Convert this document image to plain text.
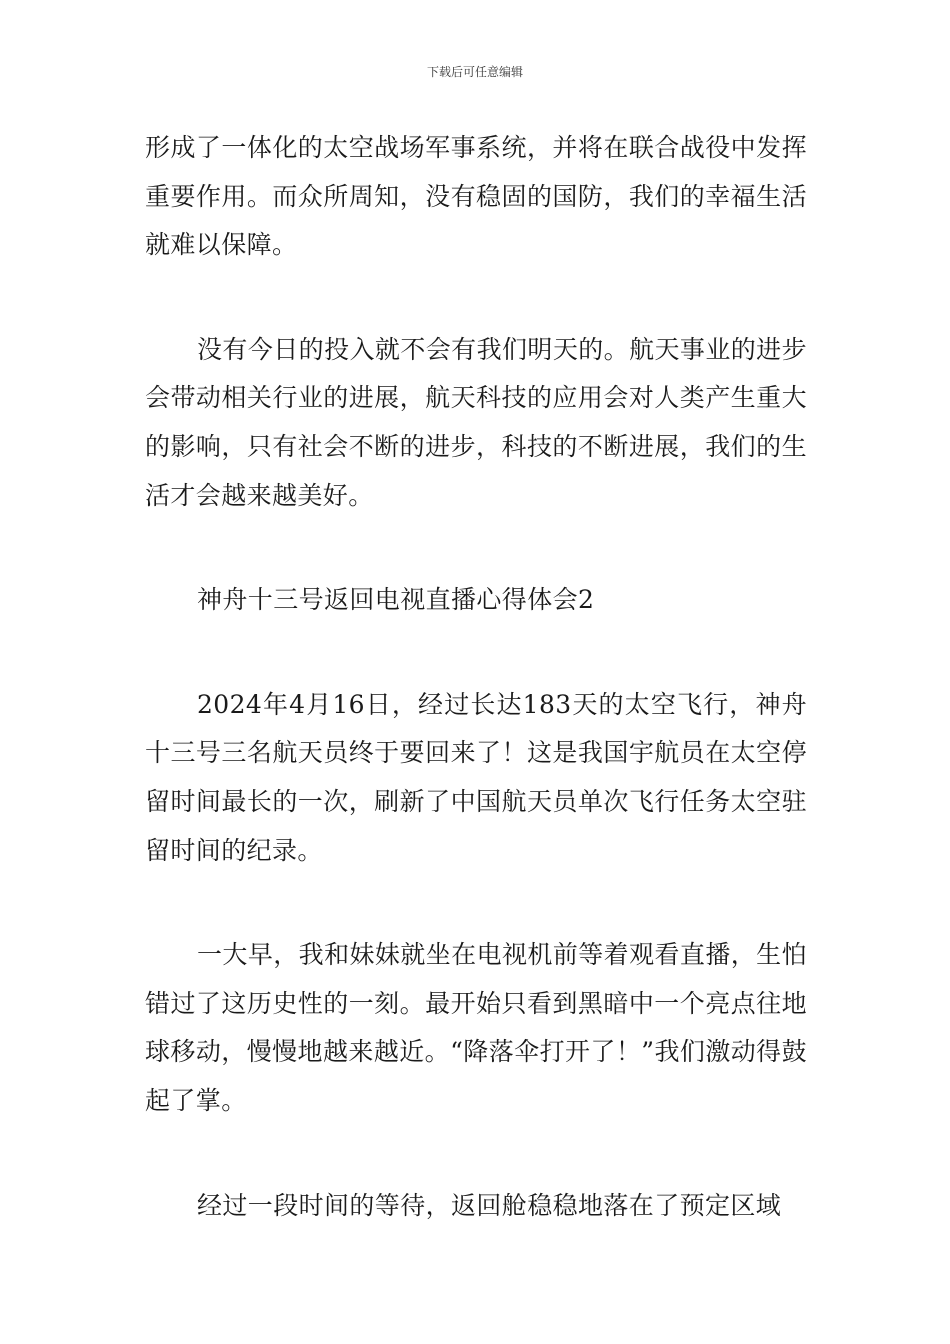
下载后可任意编辑

形成了一体化的太空战场军事系统，并将在联合战役中发挥重要作用。而众所周知，没有稳固的国防，我们的幸福生活就难以保障。

没有今日的投入就不会有我们明天的。航天事业的进步会带动相关行业的进展，航天科技的应用会对人类产生重大的影响，只有社会不断的进步，科技的不断进展，我们的生活才会越来越美好。

神舟十三号返回电视直播心得体会2

2024年4月16日，经过长达183天的太空飞行，神舟十三号三名航天员终于要回来了！这是我国宇航员在太空停留时间最长的一次，刷新了中国航天员单次飞行任务太空驻留时间的纪录。

一大早，我和妹妹就坐在电视机前等着观看直播，生怕错过了这历史性的一刻。最开始只看到黑暗中一个亮点往地球移动，慢慢地越来越近。“降落伞打开了！”我们激动得鼓起了掌。

经过一段时间的等待，返回舱稳稳地落在了预定区域
